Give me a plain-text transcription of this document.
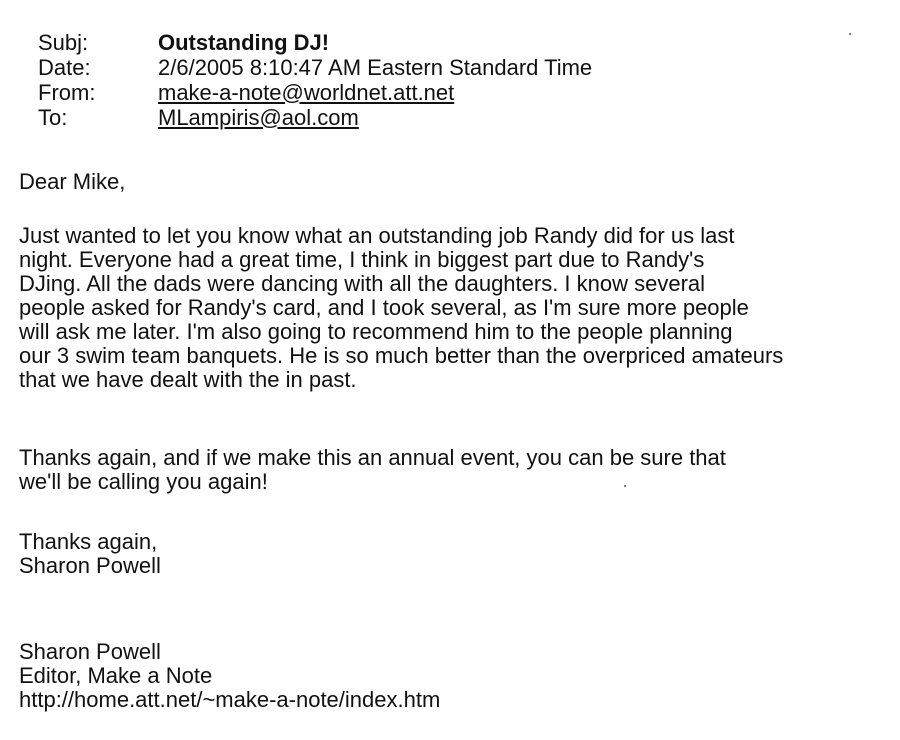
Subj:	Outstanding DJ!
Date:	2/6/2005 8:10:47 AM Eastern Standard Time
From:	make-a-note@worldnet.att.net
To:	MLampiris@aol.com
Dear Mike,
Just wanted to let you know what an outstanding job Randy did for us last
night. Everyone had a great time, I think in biggest part due to Randy's
DJing. All the dads were dancing with all the daughters. I know several
people asked for Randy's card, and I took several, as I'm sure more people
will ask me later. I'm also going to recommend him to the people planning
our 3 swim team banquets. He is so much better than the overpriced amateurs
that we have dealt with the in past.
Thanks again, and if we make this an annual event, you can be sure that
we'll be calling you again!
Thanks again,
Sharon Powell
Sharon Powell
Editor, Make a Note
http://home.att.net/~make-a-note/index.htm
